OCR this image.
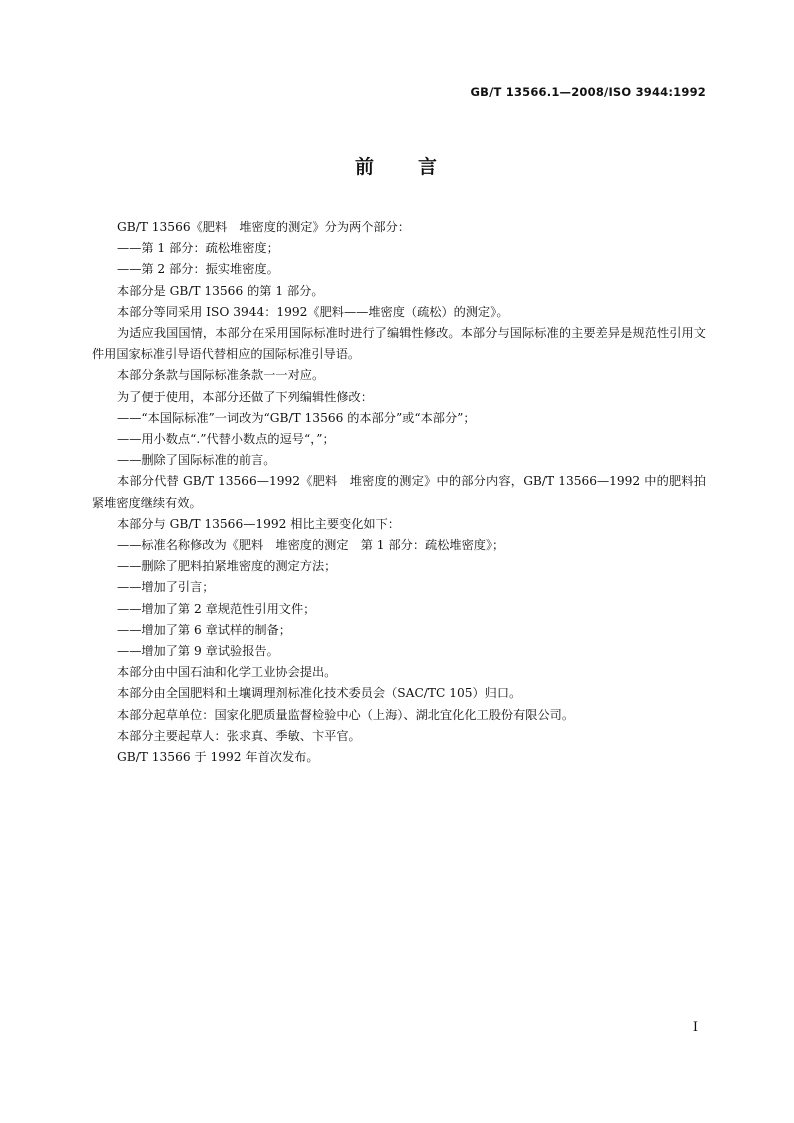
GB/T 13566.1—2008/ISO 3944:1992
前 言

GB/T 13566《肥料　堆密度的测定》分为两个部分：

——第 1 部分：疏松堆密度；

——第 2 部分：振实堆密度。

本部分是 GB/T 13566 的第 1 部分。

本部分等同采用 ISO 3944：1992《肥料——堆密度（疏松）的测定》。

为适应我国国情，本部分在采用国际标准时进行了编辑性修改。本部分与国际标准的主要差异是规范性引用文件用国家标准引导语代替相应的国际标准引导语。

本部分条款与国际标准条款一一对应。

为了便于使用，本部分还做了下列编辑性修改：

——“本国际标准”一词改为“GB/T 13566 的本部分”或“本部分”；

——用小数点“.”代替小数点的逗号“，”；

——删除了国际标准的前言。

本部分代替 GB/T 13566—1992《肥料　堆密度的测定》中的部分内容，GB/T 13566—1992 中的肥料拍紧堆密度继续有效。

本部分与 GB/T 13566—1992 相比主要变化如下：

——标准名称修改为《肥料　堆密度的测定　第 1 部分：疏松堆密度》；

——删除了肥料拍紧堆密度的测定方法；

——增加了引言；

——增加了第 2 章规范性引用文件；

——增加了第 6 章试样的制备；

——增加了第 9 章试验报告。

本部分由中国石油和化学工业协会提出。

本部分由全国肥料和土壤调理剂标准化技术委员会（SAC/TC 105）归口。

本部分起草单位：国家化肥质量监督检验中心（上海）、湖北宜化化工股份有限公司。

本部分主要起草人：张求真、季敏、卞平官。

GB/T 13566 于 1992 年首次发布。

I
